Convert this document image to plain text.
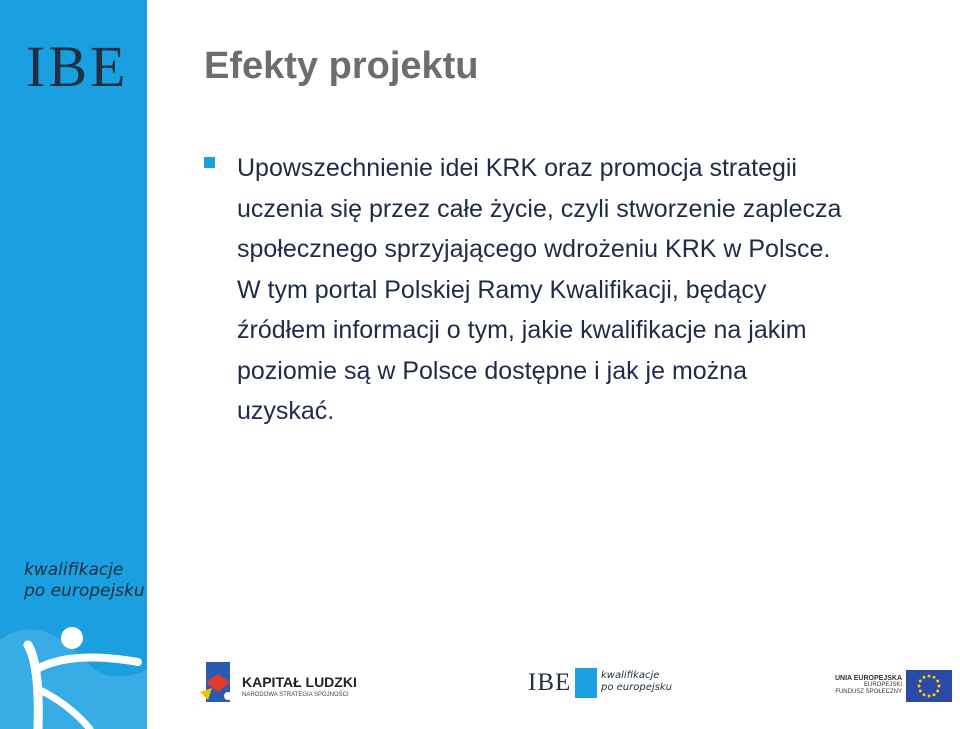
IBE
kwalifikacje
po europejsku
Efekty projektu
Upowszechnienie idei KRK oraz promocja strategii
uczenia się przez całe życie, czyli stworzenie zaplecza
społecznego sprzyjającego wdrożeniu KRK w Polsce.
W tym portal Polskiej Ramy Kwalifikacji, będący
źródłem informacji o tym, jakie kwalifikacje na jakim
poziomie są w Polsce dostępne i jak je można
uzyskać.
KAPITAŁ LUDZKI
NARODOWA STRATEGIA SPÓJNOŚCI	IBE	kwalifikacje
po europejsku
UNIA EUROPEJSKA
EUROPEJSKI
FUNDUSZ SPOŁECZNY
